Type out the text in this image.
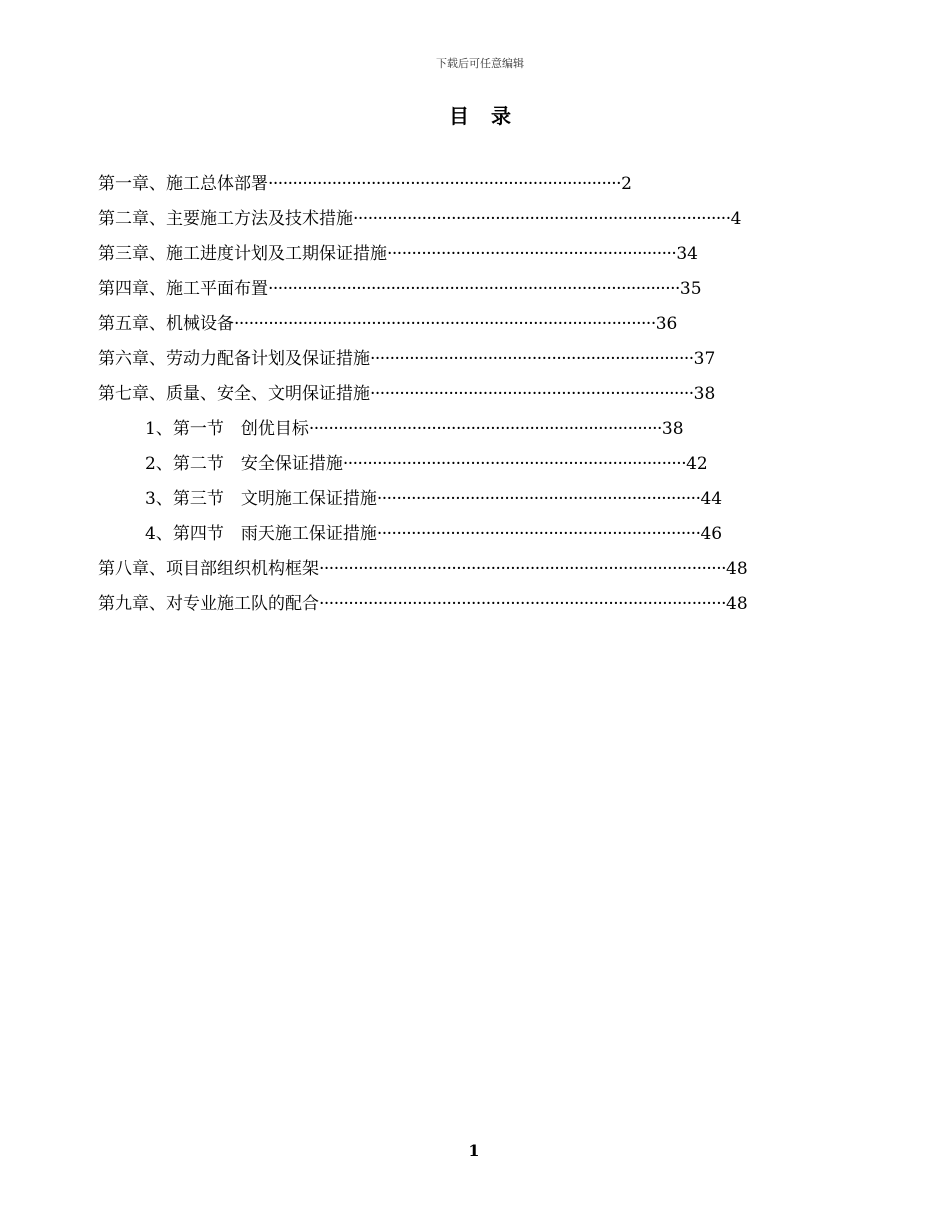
下载后可任意编辑
目录
第一章、施工总体部署········································································2
第二章、主要施工方法及技术措施·············································································4
第三章、施工进度计划及工期保证措施···························································34
第四章、施工平面布置····················································································35
第五章、机械设备······················································································36
第六章、劳动力配备计划及保证措施··································································37
第七章、质量、安全、文明保证措施··································································38
1、第一节　创优目标········································································38
2、第二节　安全保证措施······································································42
3、第三节　文明施工保证措施··································································44
4、第四节　雨天施工保证措施··································································46
第八章、项目部组织机构框架···················································································48
第九章、对专业施工队的配合···················································································48
1
